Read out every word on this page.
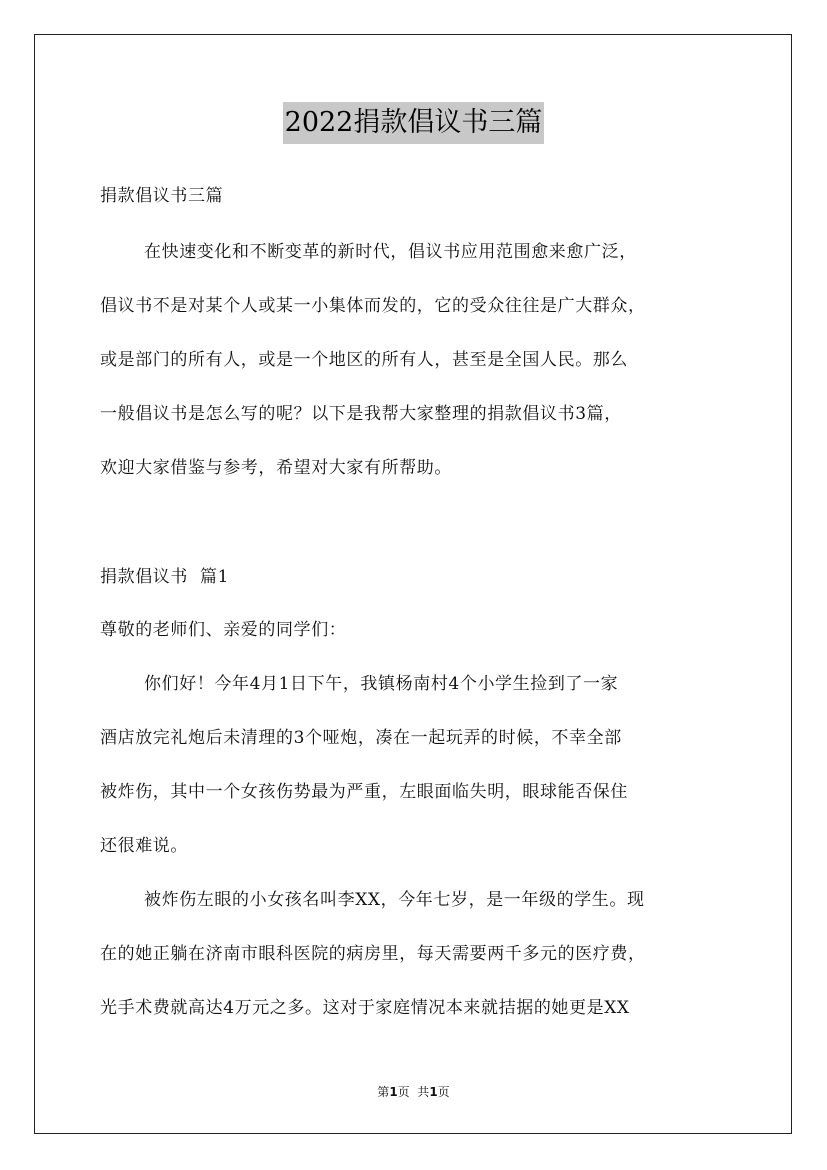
2022捐款倡议书三篇
捐款倡议书三篇
在快速变化和不断变革的新时代，倡议书应用范围愈来愈广泛，
倡议书不是对某个人或某一小集体而发的，它的受众往往是广大群众，
或是部门的所有人，或是一个地区的所有人，甚至是全国人民。那么
一般倡议书是怎么写的呢？以下是我帮大家整理的捐款倡议书3篇，
欢迎大家借鉴与参考，希望对大家有所帮助。
捐款倡议书  篇1
尊敬的老师们、亲爱的同学们：
你们好！今年4月1日下午，我镇杨南村4个小学生捡到了一家
酒店放完礼炮后未清理的3个哑炮，凑在一起玩弄的时候，不幸全部
被炸伤，其中一个女孩伤势最为严重，左眼面临失明，眼球能否保住
还很难说。
被炸伤左眼的小女孩名叫李XX，今年七岁，是一年级的学生。现
在的她正躺在济南市眼科医院的病房里，每天需要两千多元的医疗费，
光手术费就高达4万元之多。这对于家庭情况本来就拮据的她更是XX
第1页  共1页
